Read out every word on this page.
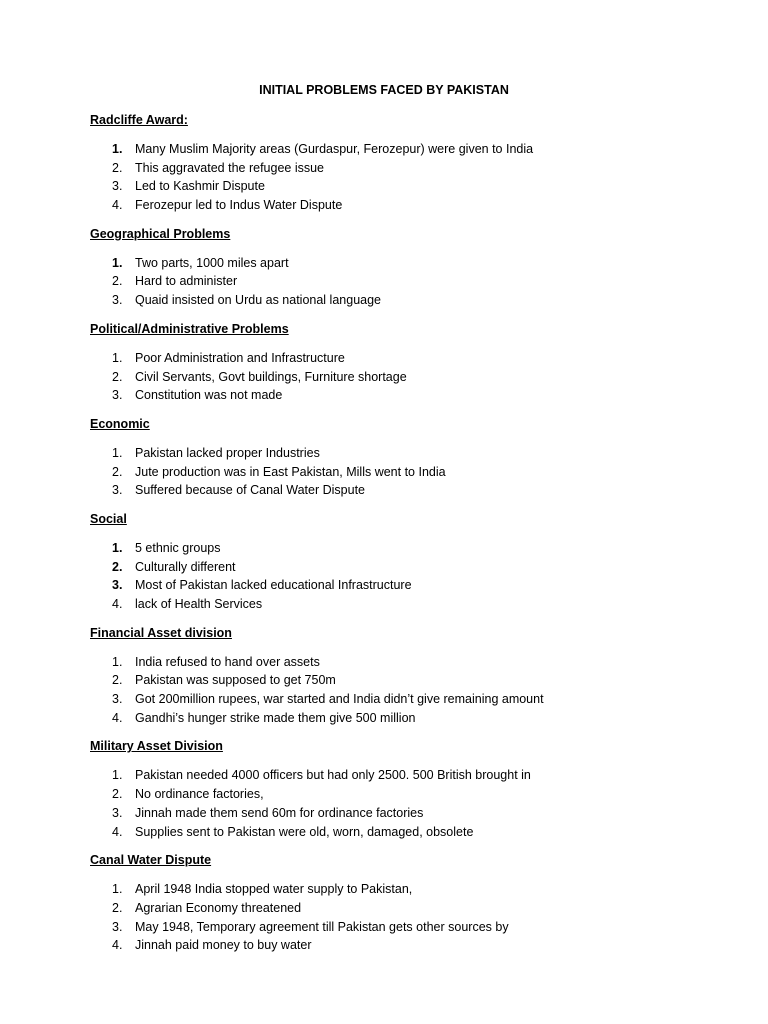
INITIAL PROBLEMS FACED BY PAKISTAN
Radcliffe Award:
1. Many Muslim Majority areas (Gurdaspur, Ferozepur) were given to India
2. This aggravated the refugee issue
3. Led to Kashmir Dispute
4. Ferozepur led to Indus Water Dispute
Geographical Problems
1. Two parts, 1000 miles apart
2. Hard to administer
3. Quaid insisted on Urdu as national language
Political/Administrative Problems
1. Poor Administration and Infrastructure
2. Civil Servants, Govt buildings, Furniture shortage
3. Constitution was not made
Economic
1. Pakistan lacked proper Industries
2. Jute production was in East Pakistan, Mills went to India
3. Suffered because of Canal Water Dispute
Social
1. 5 ethnic groups
2. Culturally different
3. Most of Pakistan lacked educational Infrastructure
4. lack of Health Services
Financial Asset division
1. India refused to hand over assets
2. Pakistan was supposed to get 750m
3. Got 200million rupees, war started and India didn’t give remaining amount
4. Gandhi’s hunger strike made them give 500 million
Military Asset Division
1. Pakistan needed 4000 officers but had only 2500. 500 British brought in
2. No ordinance factories,
3. Jinnah made them send 60m for ordinance factories
4. Supplies sent to Pakistan were old, worn, damaged, obsolete
Canal Water Dispute
1. April 1948 India stopped water supply to Pakistan,
2. Agrarian Economy threatened
3. May 1948, Temporary agreement till Pakistan gets other sources by
4. Jinnah paid money to buy water
